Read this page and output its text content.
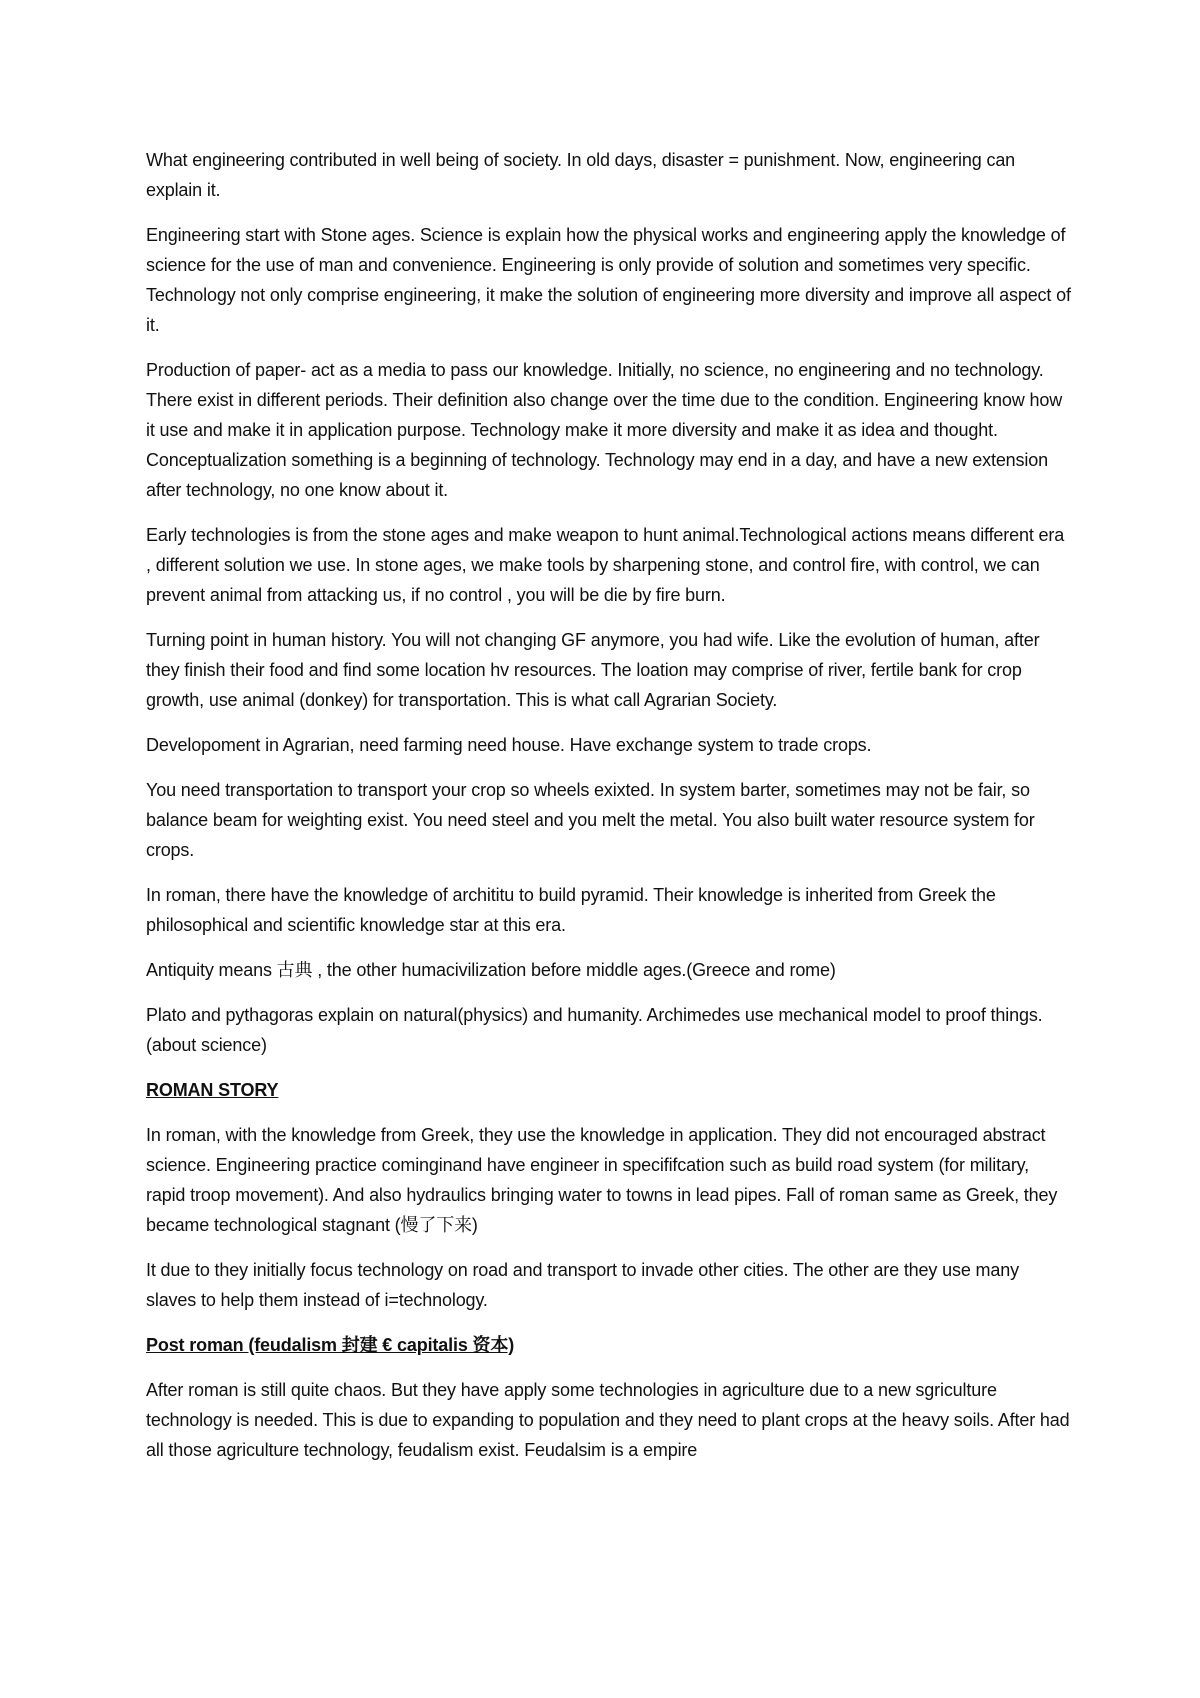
What engineering contributed in well being of society. In old days, disaster = punishment. Now, engineering can explain it.

Engineering start with Stone ages. Science is explain how the physical works and engineering apply the knowledge of science for the use of man and convenience. Engineering is only provide of solution and sometimes very specific. Technology not only comprise engineering, it make the solution of engineering more diversity and improve all aspect of it.

Production of paper- act as a media to pass our knowledge. Initially, no science, no engineering and no technology. There exist in different periods. Their definition also change over the time due to the condition. Engineering know how it use and make it in application purpose. Technology make it more diversity and make it as idea and thought. Conceptualization something is a beginning of technology. Technology may end in a day, and have a new extension after technology, no one know about it.

Early technologies is from the stone ages and make weapon to hunt animal.Technological actions means different era , different solution we use. In stone ages, we make tools by sharpening stone, and control fire, with control, we can prevent animal from attacking us, if no control , you will be die by fire burn.

Turning point in human history. You will not changing GF anymore, you had wife. Like the evolution of human, after they finish their food and find some location hv resources. The loation may comprise of river, fertile bank for crop growth, use animal (donkey) for transportation. This is what call Agrarian Society.

Developoment in Agrarian, need farming need house. Have exchange system to trade crops.

You need transportation to transport your crop so wheels exixted. In system barter, sometimes may not be fair, so balance beam for weighting exist. You need steel and you melt the metal. You also built water resource system for crops.

In roman, there have the knowledge of archititu to build pyramid. Their knowledge is inherited from Greek the philosophical and scientific knowledge star at this era.

Antiquity means 古典 , the other humacivilization before middle ages.(Greece and rome)

Plato and pythagoras explain on natural(physics) and humanity. Archimedes use mechanical model to proof things. (about science)

ROMAN STORY

In roman, with the knowledge from Greek, they use the knowledge in application. They did not encouraged abstract science. Engineering practice cominginand have engineer in specififcation such as build road system (for military, rapid troop movement). And also hydraulics bringing water to towns in lead pipes. Fall of roman same as Greek, they became technological stagnant (慢了下来)

It due to they initially focus technology on road and transport to invade other cities. The other are they use many slaves to help them instead of i=technology.

Post roman (feudalism 封建 € capitalis 资本)

After roman is still quite chaos. But they have apply some technologies in agriculture due to a new sgriculture technology is needed. This is due to expanding to population and they need to plant crops at the heavy soils. After had all those agriculture technology, feudalism exist. Feudalsim is a empire
